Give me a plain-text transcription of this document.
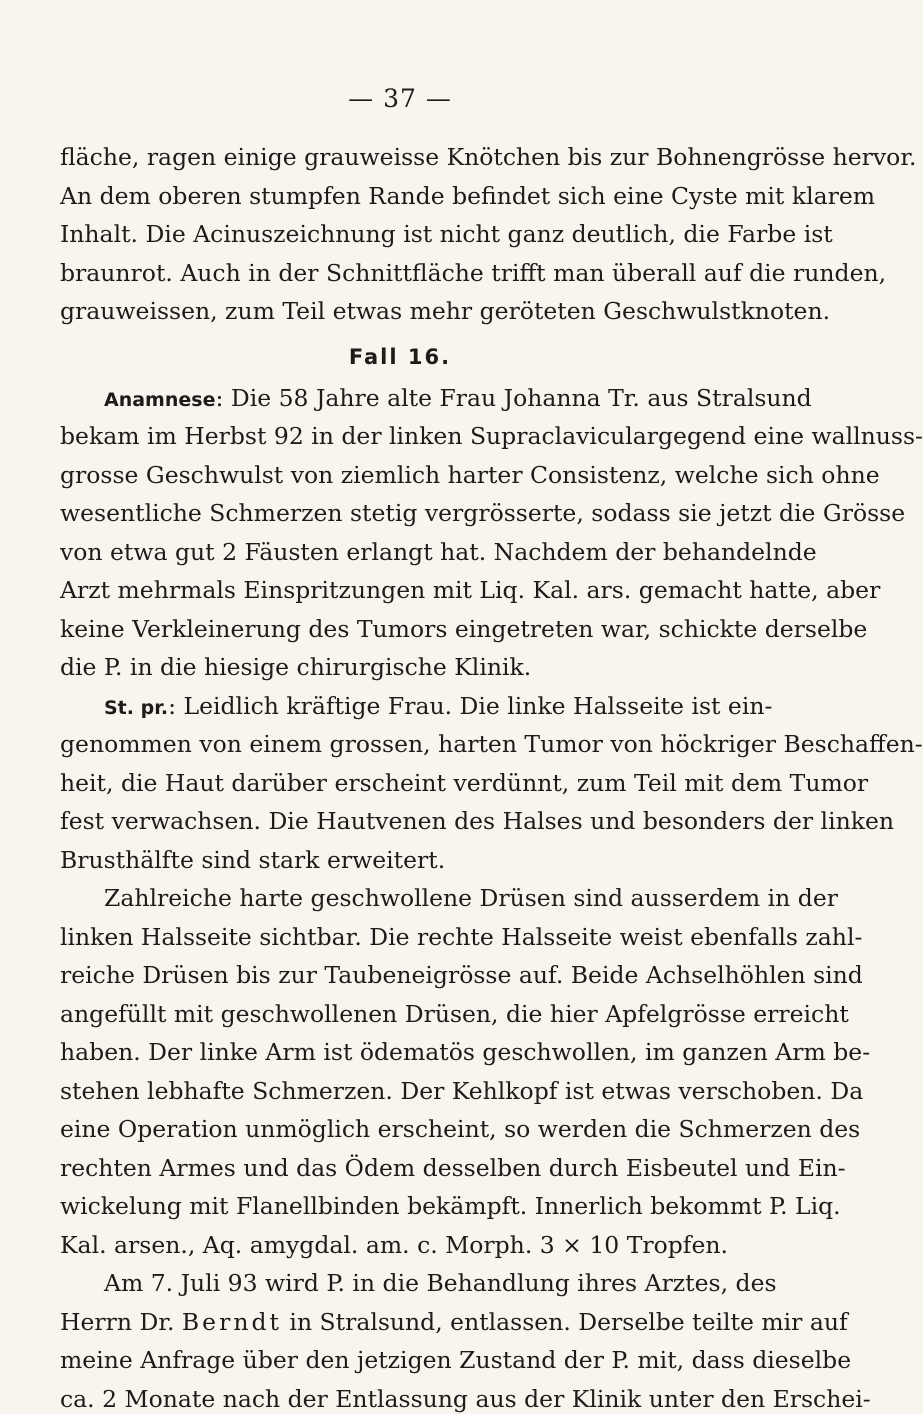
— 37 —
fläche, ragen einige grauweisse Knötchen bis zur Bohnengrösse hervor.
An dem oberen stumpfen Rande befindet sich eine Cyste mit klarem
Inhalt. Die Acinuszeichnung ist nicht ganz deutlich, die Farbe ist
braunrot. Auch in der Schnittfläche trifft man überall auf die runden,
grauweissen, zum Teil etwas mehr geröteten Geschwulstknoten.
Fall 16.
Anamnese: Die 58 Jahre alte Frau Johanna Tr. aus Stralsund
bekam im Herbst 92 in der linken Supraclaviculargegend eine wallnuss-
grosse Geschwulst von ziemlich harter Consistenz, welche sich ohne
wesentliche Schmerzen stetig vergrösserte, sodass sie jetzt die Grösse
von etwa gut 2 Fäusten erlangt hat. Nachdem der behandelnde
Arzt mehrmals Einspritzungen mit Liq. Kal. ars. gemacht hatte, aber
keine Verkleinerung des Tumors eingetreten war, schickte derselbe
die P. in die hiesige chirurgische Klinik.
St. pr.: Leidlich kräftige Frau. Die linke Halsseite ist ein-
genommen von einem grossen, harten Tumor von höckriger Beschaffen-
heit, die Haut darüber erscheint verdünnt, zum Teil mit dem Tumor
fest verwachsen. Die Hautvenen des Halses und besonders der linken
Brusthälfte sind stark erweitert.
Zahlreiche harte geschwollene Drüsen sind ausserdem in der
linken Halsseite sichtbar. Die rechte Halsseite weist ebenfalls zahl-
reiche Drüsen bis zur Taubeneigrösse auf. Beide Achselhöhlen sind
angefüllt mit geschwollenen Drüsen, die hier Apfelgrösse erreicht
haben. Der linke Arm ist ödematös geschwollen, im ganzen Arm be-
stehen lebhafte Schmerzen. Der Kehlkopf ist etwas verschoben. Da
eine Operation unmöglich erscheint, so werden die Schmerzen des
rechten Armes und das Ödem desselben durch Eisbeutel und Ein-
wickelung mit Flanellbinden bekämpft. Innerlich bekommt P. Liq.
Kal. arsen., Aq. amygdal. am. c. Morph. 3 × 10 Tropfen.
Am 7. Juli 93 wird P. in die Behandlung ihres Arztes, des
Herrn Dr. Berndt in Stralsund, entlassen. Derselbe teilte mir auf
meine Anfrage über den jetzigen Zustand der P. mit, dass dieselbe
ca. 2 Monate nach der Entlassung aus der Klinik unter den Erschei-
